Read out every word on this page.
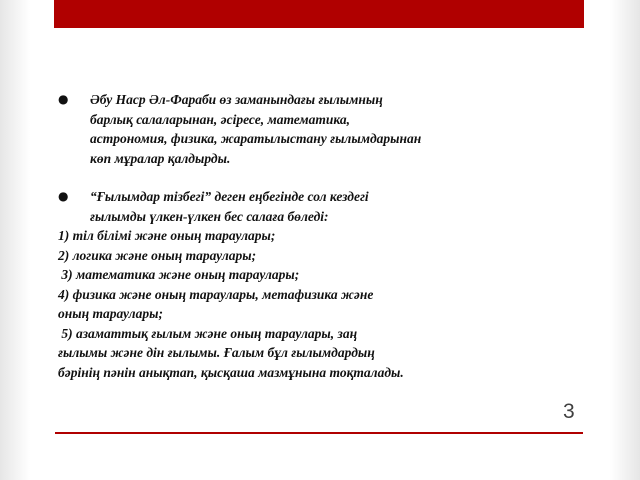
●	Әбу Наср Әл-Фараби өз заманындағы ғылымның
барлық салаларынан, әсіресе, математика,
астрономия, физика, жаратылыстану ғылымдарынан
көп мұралар қалдырды.
●	“Ғылымдар тізбегі” деген еңбегінде сол кездегі
ғылымды үлкен-үлкен бес салаға бөледі:
1) тіл білімі және оның тараулары;
2) логика және оның тараулары;
3) математика және оның тараулары;
4) физика және оның тараулары, метафизика және
оның тараулары;
5) азаматтық ғылым және оның тараулары, заң
ғылымы және дін ғылымы. Ғалым бұл ғылымдардың
бәрінің пәнін анықтап, қысқаша мазмұнына тоқталады.
3
